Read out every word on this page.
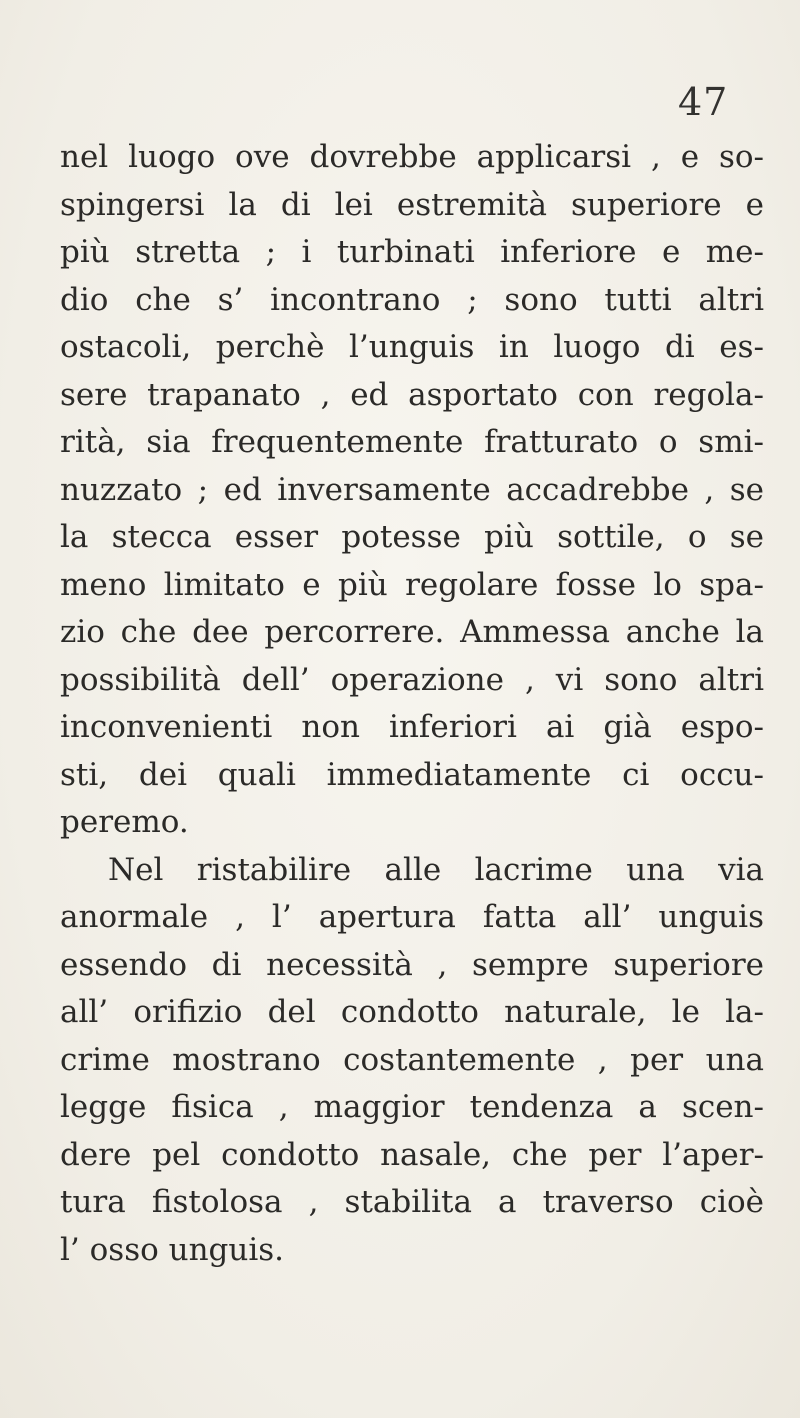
47
nel luogo ove dovrebbe applicarsi , e so-
spingersi la di lei estremità superiore e
più stretta ; i turbinati inferiore e me-
dio che s’ incontrano ; sono tutti altri
ostacoli, perchè l’unguis in luogo di es-
sere trapanato , ed asportato con regola-
rità, sia frequentemente fratturato o smi-
nuzzato ; ed inversamente accadrebbe , se
la stecca esser potesse più sottile, o se
meno limitato e più regolare fosse lo spa-
zio che dee percorrere. Ammessa anche la
possibilità dell’ operazione , vi sono altri
inconvenienti non inferiori ai già espo-
sti, dei quali immediatamente ci occu-
peremo.
Nel ristabilire alle lacrime una via
anormale , l’ apertura fatta all’ unguis
essendo di necessità , sempre superiore
all’ orifizio del condotto naturale, le la-
crime mostrano costantemente , per una
legge fisica , maggior tendenza a scen-
dere pel condotto nasale, che per l’aper-
tura fistolosa , stabilita a traverso cioè
l’ osso unguis.
